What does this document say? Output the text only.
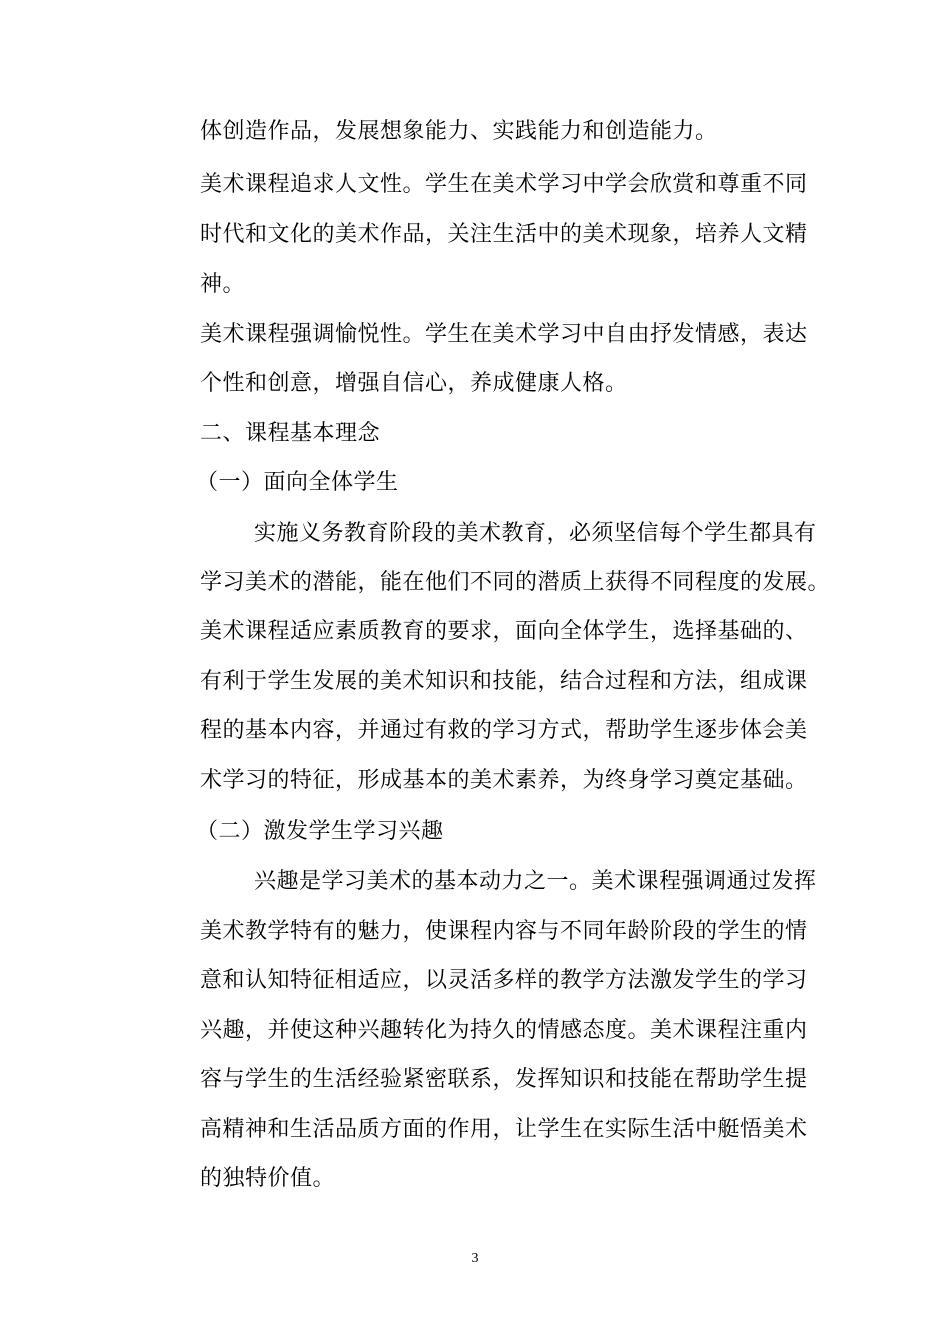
体创造作品，发展想象能力、实践能力和创造能力。
美术课程追求人文性。学生在美术学习中学会欣赏和尊重不同
时代和文化的美术作品，关注生活中的美术现象，培养人文精
神。
美术课程强调愉悦性。学生在美术学习中自由抒发情感，表达
个性和创意，增强自信心，养成健康人格。
二、课程基本理念
（一）面向全体学生
实施义务教育阶段的美术教育，必须坚信每个学生都具有
学习美术的潜能，能在他们不同的潜质上获得不同程度的发展。
美术课程适应素质教育的要求，面向全体学生，选择基础的、
有利于学生发展的美术知识和技能，结合过程和方法，组成课
程的基本内容，并通过有救的学习方式，帮助学生逐步体会美
术学习的特征，形成基本的美术素养，为终身学习奠定基础。
（二）激发学生学习兴趣
兴趣是学习美术的基本动力之一。美术课程强调通过发挥
美术教学特有的魅力，使课程内容与不同年龄阶段的学生的情
意和认知特征相适应，以灵活多样的教学方法激发学生的学习
兴趣，并使这种兴趣转化为持久的情感态度。美术课程注重内
容与学生的生活经验紧密联系，发挥知识和技能在帮助学生提
高精神和生活品质方面的作用，让学生在实际生活中艇悟美术
的独特价值。
3
